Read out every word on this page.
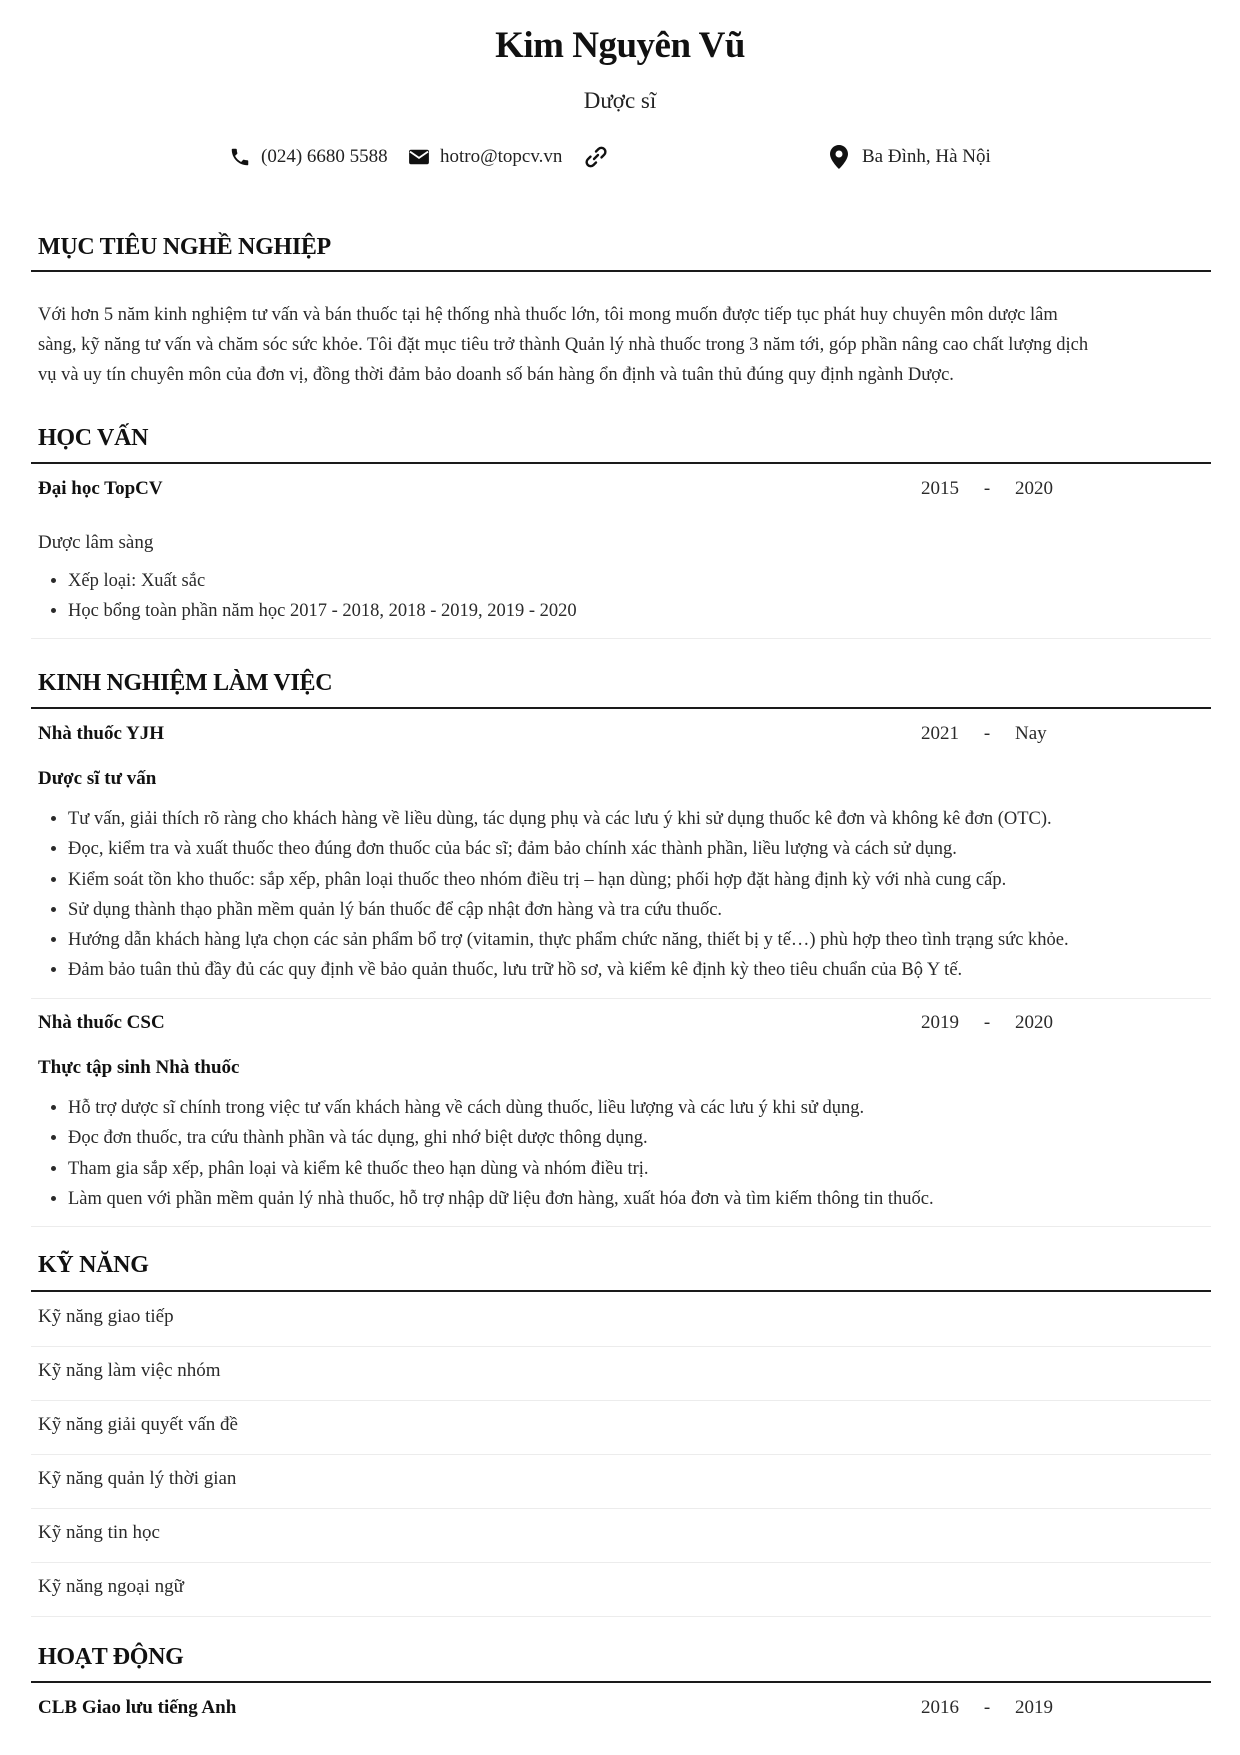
Kim Nguyên Vũ
Dược sĩ
(024) 6680 5588	hotro@topcv.vn	Ba Đình, Hà Nội
MỤC TIÊU NGHỀ NGHIỆP
Với hơn 5 năm kinh nghiệm tư vấn và bán thuốc tại hệ thống nhà thuốc lớn, tôi mong muốn được tiếp tục phát huy chuyên môn dược lâm
sàng, kỹ năng tư vấn và chăm sóc sức khỏe. Tôi đặt mục tiêu trở thành Quản lý nhà thuốc trong 3 năm tới, góp phần nâng cao chất lượng dịch
vụ và uy tín chuyên môn của đơn vị, đồng thời đảm bảo doanh số bán hàng ổn định và tuân thủ đúng quy định ngành Dược.
HỌC VẤN
Đại học TopCV	2015 - 2020
Dược lâm sàng
• Xếp loại: Xuất sắc
• Học bổng toàn phần năm học 2017 - 2018, 2018 - 2019, 2019 - 2020
KINH NGHIỆM LÀM VIỆC
Nhà thuốc YJH	2021 - Nay
Dược sĩ tư vấn
• Tư vấn, giải thích rõ ràng cho khách hàng về liều dùng, tác dụng phụ và các lưu ý khi sử dụng thuốc kê đơn và không kê đơn (OTC).
• Đọc, kiểm tra và xuất thuốc theo đúng đơn thuốc của bác sĩ; đảm bảo chính xác thành phần, liều lượng và cách sử dụng.
• Kiểm soát tồn kho thuốc: sắp xếp, phân loại thuốc theo nhóm điều trị – hạn dùng; phối hợp đặt hàng định kỳ với nhà cung cấp.
• Sử dụng thành thạo phần mềm quản lý bán thuốc để cập nhật đơn hàng và tra cứu thuốc.
• Hướng dẫn khách hàng lựa chọn các sản phẩm bổ trợ (vitamin, thực phẩm chức năng, thiết bị y tế…) phù hợp theo tình trạng sức khỏe.
• Đảm bảo tuân thủ đầy đủ các quy định về bảo quản thuốc, lưu trữ hồ sơ, và kiểm kê định kỳ theo tiêu chuẩn của Bộ Y tế.
Nhà thuốc CSC	2019 - 2020
Thực tập sinh Nhà thuốc
• Hỗ trợ dược sĩ chính trong việc tư vấn khách hàng về cách dùng thuốc, liều lượng và các lưu ý khi sử dụng.
• Đọc đơn thuốc, tra cứu thành phần và tác dụng, ghi nhớ biệt dược thông dụng.
• Tham gia sắp xếp, phân loại và kiểm kê thuốc theo hạn dùng và nhóm điều trị.
• Làm quen với phần mềm quản lý nhà thuốc, hỗ trợ nhập dữ liệu đơn hàng, xuất hóa đơn và tìm kiếm thông tin thuốc.
KỸ NĂNG
Kỹ năng giao tiếp
Kỹ năng làm việc nhóm
Kỹ năng giải quyết vấn đề
Kỹ năng quản lý thời gian
Kỹ năng tin học
Kỹ năng ngoại ngữ
HOẠT ĐỘNG
CLB Giao lưu tiếng Anh	2016 - 2019
